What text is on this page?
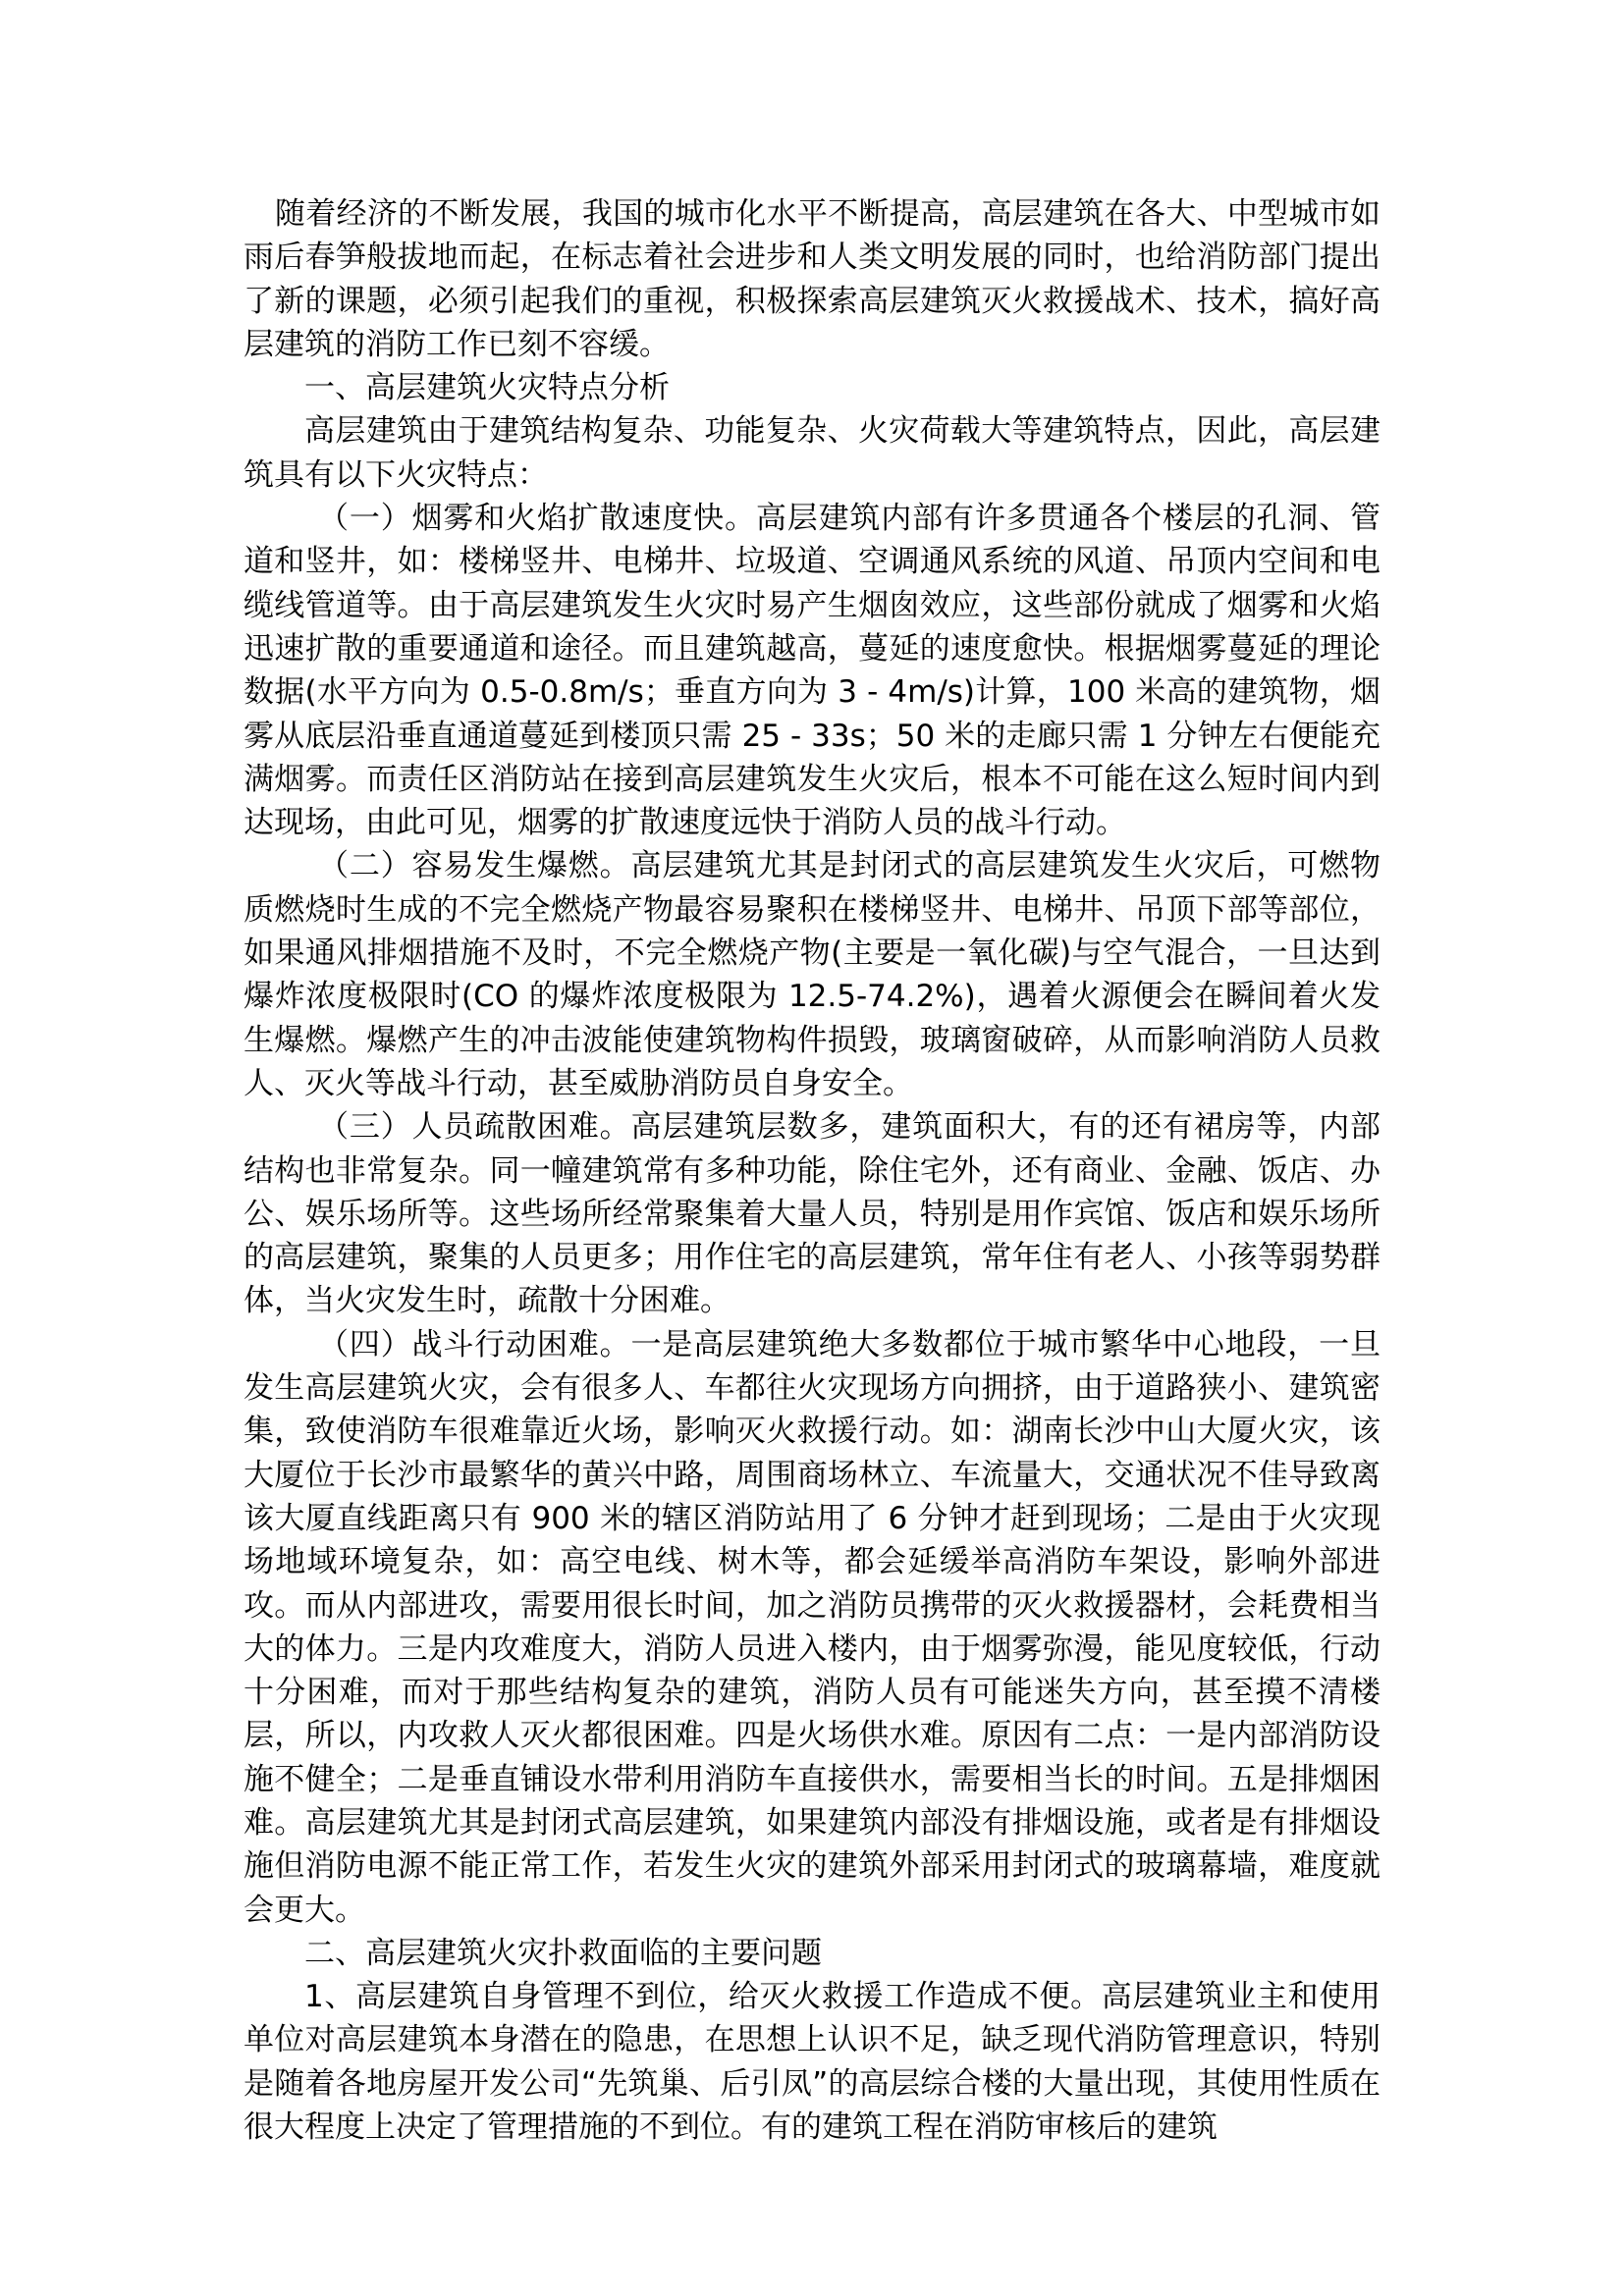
随着经济的不断发展，我国的城市化水平不断提高，高层建筑在各大、中型城市如雨后春笋般拔地而起，在标志着社会进步和人类文明发展的同时，也给消防部门提出了新的课题，必须引起我们的重视，积极探索高层建筑灭火救援战术、技术，搞好高层建筑的消防工作已刻不容缓。

一、高层建筑火灾特点分析

高层建筑由于建筑结构复杂、功能复杂、火灾荷载大等建筑特点，因此，高层建筑具有以下火灾特点：

（一）烟雾和火焰扩散速度快。高层建筑内部有许多贯通各个楼层的孔洞、管道和竖井，如：楼梯竖井、电梯井、垃圾道、空调通风系统的风道、吊顶内空间和电缆线管道等。由于高层建筑发生火灾时易产生烟囱效应，这些部份就成了烟雾和火焰迅速扩散的重要通道和途径。而且建筑越高，蔓延的速度愈快。根据烟雾蔓延的理论数据(水平方向为 0.5-0.8m/s；垂直方向为 3 - 4m/s)计算，100 米高的建筑物，烟雾从底层沿垂直通道蔓延到楼顶只需 25 - 33s；50 米的走廊只需 1 分钟左右便能充满烟雾。而责任区消防站在接到高层建筑发生火灾后，根本不可能在这么短时间内到达现场，由此可见，烟雾的扩散速度远快于消防人员的战斗行动。

（二）容易发生爆燃。高层建筑尤其是封闭式的高层建筑发生火灾后，可燃物质燃烧时生成的不完全燃烧产物最容易聚积在楼梯竖井、电梯井、吊顶下部等部位，如果通风排烟措施不及时，不完全燃烧产物(主要是一氧化碳)与空气混合，一旦达到爆炸浓度极限时(CO 的爆炸浓度极限为 12.5-74.2%)，遇着火源便会在瞬间着火发生爆燃。爆燃产生的冲击波能使建筑物构件损毁，玻璃窗破碎，从而影响消防人员救人、灭火等战斗行动，甚至威胁消防员自身安全。

（三）人员疏散困难。高层建筑层数多，建筑面积大，有的还有裙房等，内部结构也非常复杂。同一幢建筑常有多种功能，除住宅外，还有商业、金融、饭店、办公、娱乐场所等。这些场所经常聚集着大量人员，特别是用作宾馆、饭店和娱乐场所的高层建筑，聚集的人员更多；用作住宅的高层建筑，常年住有老人、小孩等弱势群体，当火灾发生时，疏散十分困难。

（四）战斗行动困难。一是高层建筑绝大多数都位于城市繁华中心地段，一旦发生高层建筑火灾，会有很多人、车都往火灾现场方向拥挤，由于道路狭小、建筑密集，致使消防车很难靠近火场，影响灭火救援行动。如：湖南长沙中山大厦火灾，该大厦位于长沙市最繁华的黄兴中路，周围商场林立、车流量大，交通状况不佳导致离该大厦直线距离只有 900 米的辖区消防站用了 6 分钟才赶到现场；二是由于火灾现场地域环境复杂，如：高空电线、树木等，都会延缓举高消防车架设，影响外部进攻。而从内部进攻，需要用很长时间，加之消防员携带的灭火救援器材，会耗费相当大的体力。三是内攻难度大，消防人员进入楼内，由于烟雾弥漫，能见度较低，行动十分困难，而对于那些结构复杂的建筑，消防人员有可能迷失方向，甚至摸不清楼层，所以，内攻救人灭火都很困难。四是火场供水难。原因有二点：一是内部消防设施不健全；二是垂直铺设水带利用消防车直接供水，需要相当长的时间。五是排烟困难。高层建筑尤其是封闭式高层建筑，如果建筑内部没有排烟设施，或者是有排烟设施但消防电源不能正常工作，若发生火灾的建筑外部采用封闭式的玻璃幕墙，难度就会更大。

二、高层建筑火灾扑救面临的主要问题

1、高层建筑自身管理不到位，给灭火救援工作造成不便。高层建筑业主和使用单位对高层建筑本身潜在的隐患，在思想上认识不足，缺乏现代消防管理意识，特别是随着各地房屋开发公司“先筑巢、后引凤”的高层综合楼的大量出现，其使用性质在很大程度上决定了管理措施的不到位。有的建筑工程在消防审核后的建筑
